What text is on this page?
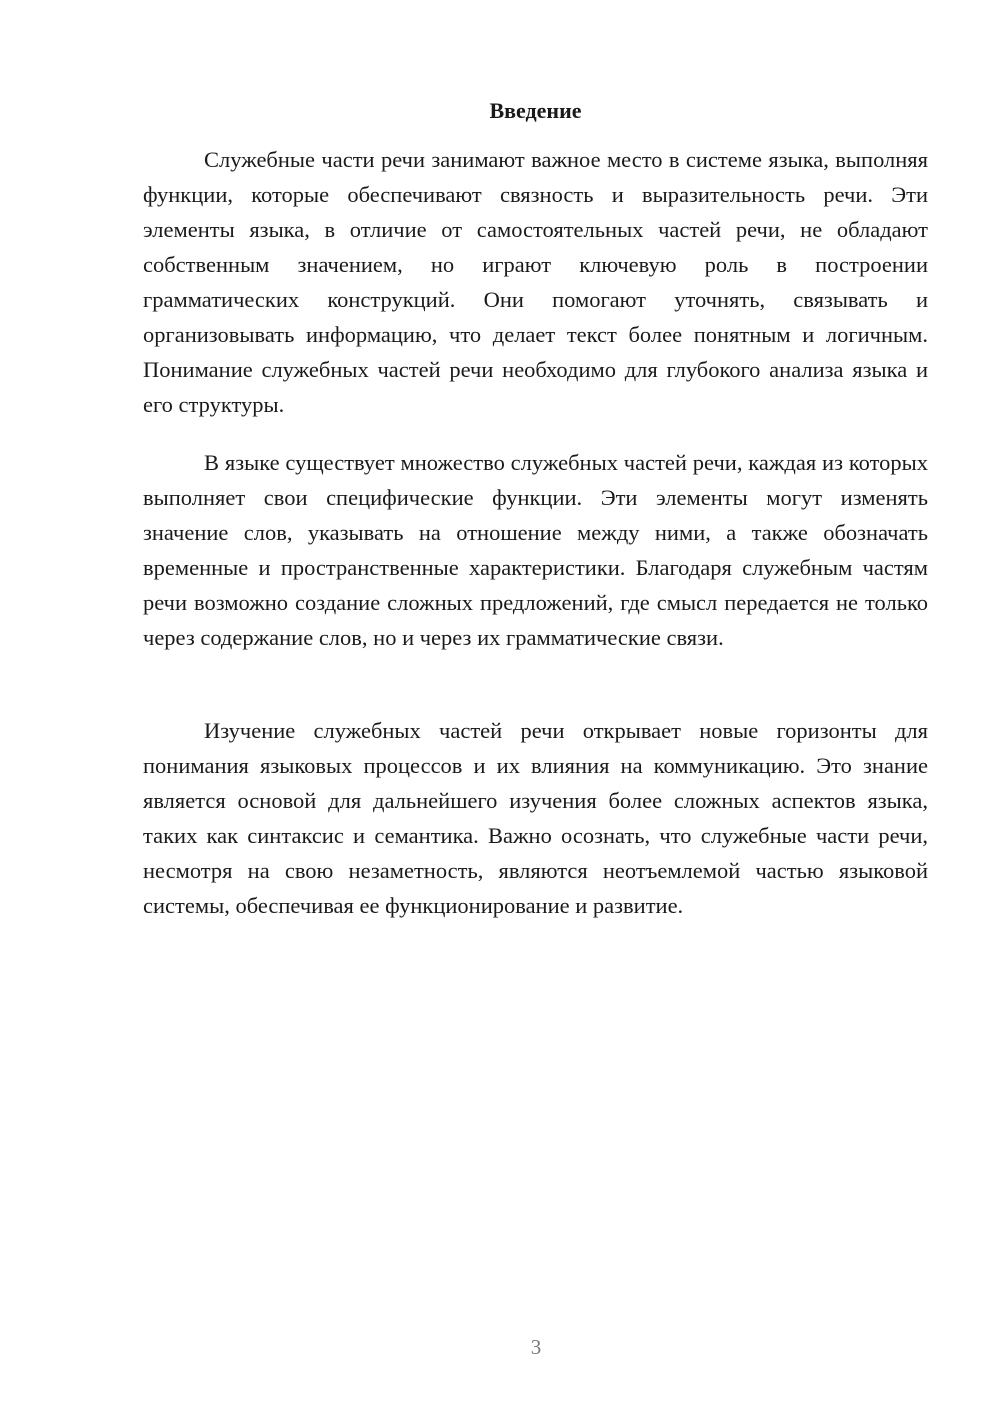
Введение

Служебные части речи занимают важное место в системе языка, выполняя функции, которые обеспечивают связность и выразительность речи. Эти элементы языка, в отличие от самостоятельных частей речи, не обладают собственным значением, но играют ключевую роль в построении грамматических конструкций. Они помогают уточнять, связывать и организовывать информацию, что делает текст более понятным и логичным. Понимание служебных частей речи необходимо для глубокого анализа языка и его структуры.

В языке существует множество служебных частей речи, каждая из которых выполняет свои специфические функции. Эти элементы могут изменять значение слов, указывать на отношение между ними, а также обозначать временные и пространственные характеристики. Благодаря служебным частям речи возможно создание сложных предложений, где смысл передается не только через содержание слов, но и через их грамматические связи.

Изучение служебных частей речи открывает новые горизонты для понимания языковых процессов и их влияния на коммуникацию. Это знание является основой для дальнейшего изучения более сложных аспектов языка, таких как синтаксис и семантика. Важно осознать, что служебные части речи, несмотря на свою незаметность, являются неотъемлемой частью языковой системы, обеспечивая ее функционирование и развитие.

3
